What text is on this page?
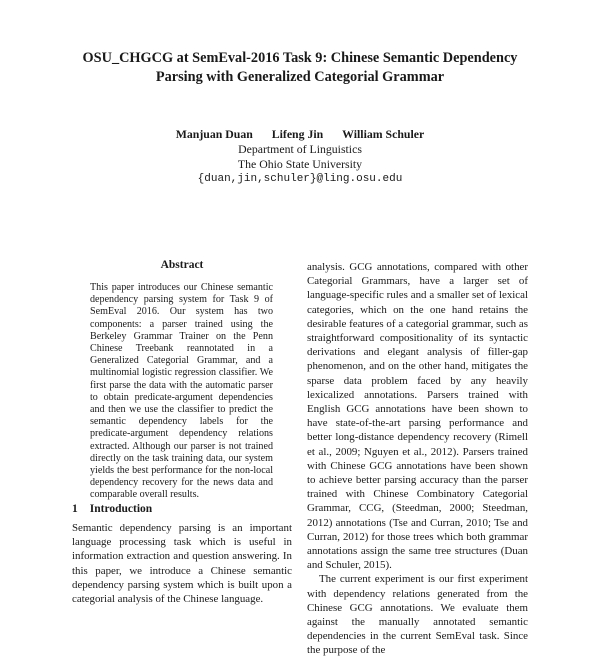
OSU_CHGCG at SemEval-2016 Task 9: Chinese Semantic Dependency
Parsing with Generalized Categorial Grammar
Manjuan Duan Lifeng Jin William Schuler
Department of Linguistics
The Ohio State University
{duan,jin,schuler}@ling.osu.edu
Abstract

This paper introduces our Chinese semantic dependency parsing system for Task 9 of SemEval 2016. Our system has two components: a parser trained using the Berkeley Grammar Trainer on the Penn Chinese Treebank reannotated in a Generalized Categorial Grammar, and a multinomial logistic regression classifier. We first parse the data with the automatic parser to obtain predicate-argument dependencies and then we use the classifier to predict the semantic dependency labels for the predicate-argument dependency relations extracted. Although our parser is not trained directly on the task training data, our system yields the best performance for the non-local dependency recovery for the news data and comparable overall results.

1 Introduction

Semantic dependency parsing is an important language processing task which is useful in information extraction and question answering. In this paper, we introduce a Chinese semantic dependency parsing system which is built upon a categorial analysis of the Chinese language.

analysis. GCG annotations, compared with other Categorial Grammars, have a larger set of language-specific rules and a smaller set of lexical categories, which on the one hand retains the desirable features of a categorial grammar, such as straightforward compositionality of its syntactic derivations and elegant analysis of filler-gap phenomenon, and on the other hand, mitigates the sparse data problem faced by any heavily lexicalized annotations. Parsers trained with English GCG annotations have been shown to have state-of-the-art parsing performance and better long-distance dependency recovery (Rimell et al., 2009; Nguyen et al., 2012). Parsers trained with Chinese GCG annotations have been shown to achieve better parsing accuracy than the parser trained with Chinese Combinatory Categorial Grammar, CCG, (Steedman, 2000; Steedman, 2012) annotations (Tse and Curran, 2010; Tse and Curran, 2012) for those trees which both grammar annotations assign the same tree structures (Duan and Schuler, 2015).

The current experiment is our first experiment with dependency relations generated from the Chinese GCG annotations. We evaluate them against the manually annotated semantic dependencies in the current SemEval task. Since the purpose of the
